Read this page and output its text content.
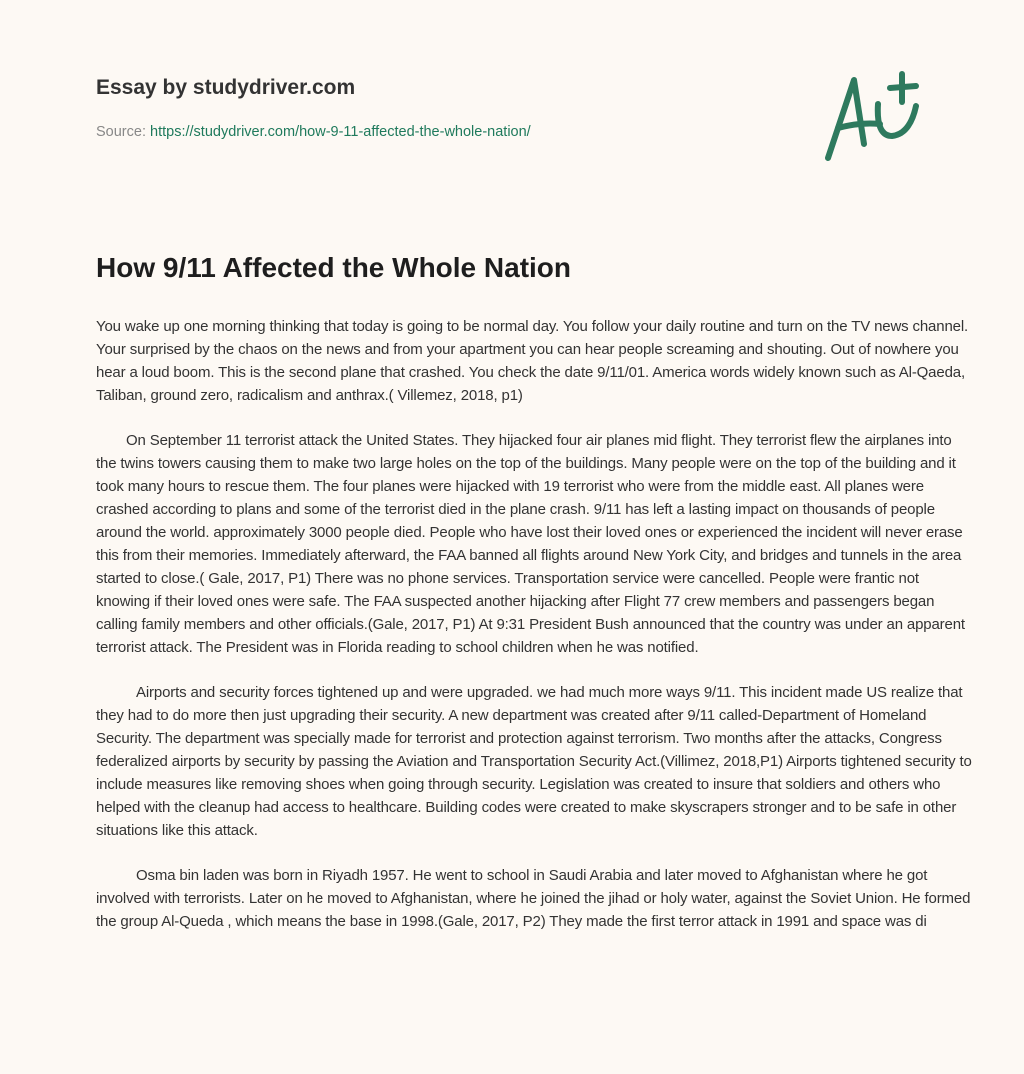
Essay by studydriver.com
Source: https://studydriver.com/how-9-11-affected-the-whole-nation/
How 9/11 Affected the Whole Nation

You wake up one morning thinking that today is going to be normal day. You follow your daily routine and turn on the TV news channel. Your surprised by the chaos on the news and from your apartment you can hear people screaming and shouting. Out of nowhere you hear a loud boom. This is the second plane that crashed. You check the date 9/11/01. America words widely known such as Al-Qaeda, Taliban, ground zero, radicalism and anthrax.( Villemez, 2018, p1)

On September 11 terrorist attack the United States. They hijacked four air planes mid flight. They terrorist flew the airplanes into the twins towers causing them to make two large holes on the top of the buildings. Many people were on the top of the building and it took many hours to rescue them. The four planes were hijacked with 19 terrorist who were from the middle east. All planes were crashed according to plans and some of the terrorist died in the plane crash. 9/11 has left a lasting impact on thousands of people around the world. approximately 3000 people died. People who have lost their loved ones or experienced the incident will never erase this from their memories. Immediately afterward, the FAA banned all flights around New York City, and bridges and tunnels in the area started to close.( Gale, 2017, P1) There was no phone services. Transportation service were cancelled. People were frantic not knowing if their loved ones were safe. The FAA suspected another hijacking after Flight 77 crew members and passengers began calling family members and other officials.(Gale, 2017, P1) At 9:31 President Bush announced that the country was under an apparent terrorist attack. The President was in Florida reading to school children when he was notified.

Airports and security forces tightened up and were upgraded. we had much more ways 9/11. This incident made US realize that they had to do more then just upgrading their security. A new department was created after 9/11 called-Department of Homeland Security. The department was specially made for terrorist and protection against terrorism. Two months after the attacks, Congress federalized airports by security by passing the Aviation and Transportation Security Act.(Villimez, 2018,P1) Airports tightened security to include measures like removing shoes when going through security. Legislation was created to insure that soldiers and others who helped with the cleanup had access to healthcare. Building codes were created to make skyscrapers stronger and to be safe in other situations like this attack.

Osma bin laden was born in Riyadh 1957. He went to school in Saudi Arabia and later moved to Afghanistan where he got involved with terrorists. Later on he moved to Afghanistan, where he joined the jihad or holy water, against the Soviet Union. He formed the group Al-Queda , which means the base in 1998.(Gale, 2017, P2) They made the first terror attack in 1991 and space was di
